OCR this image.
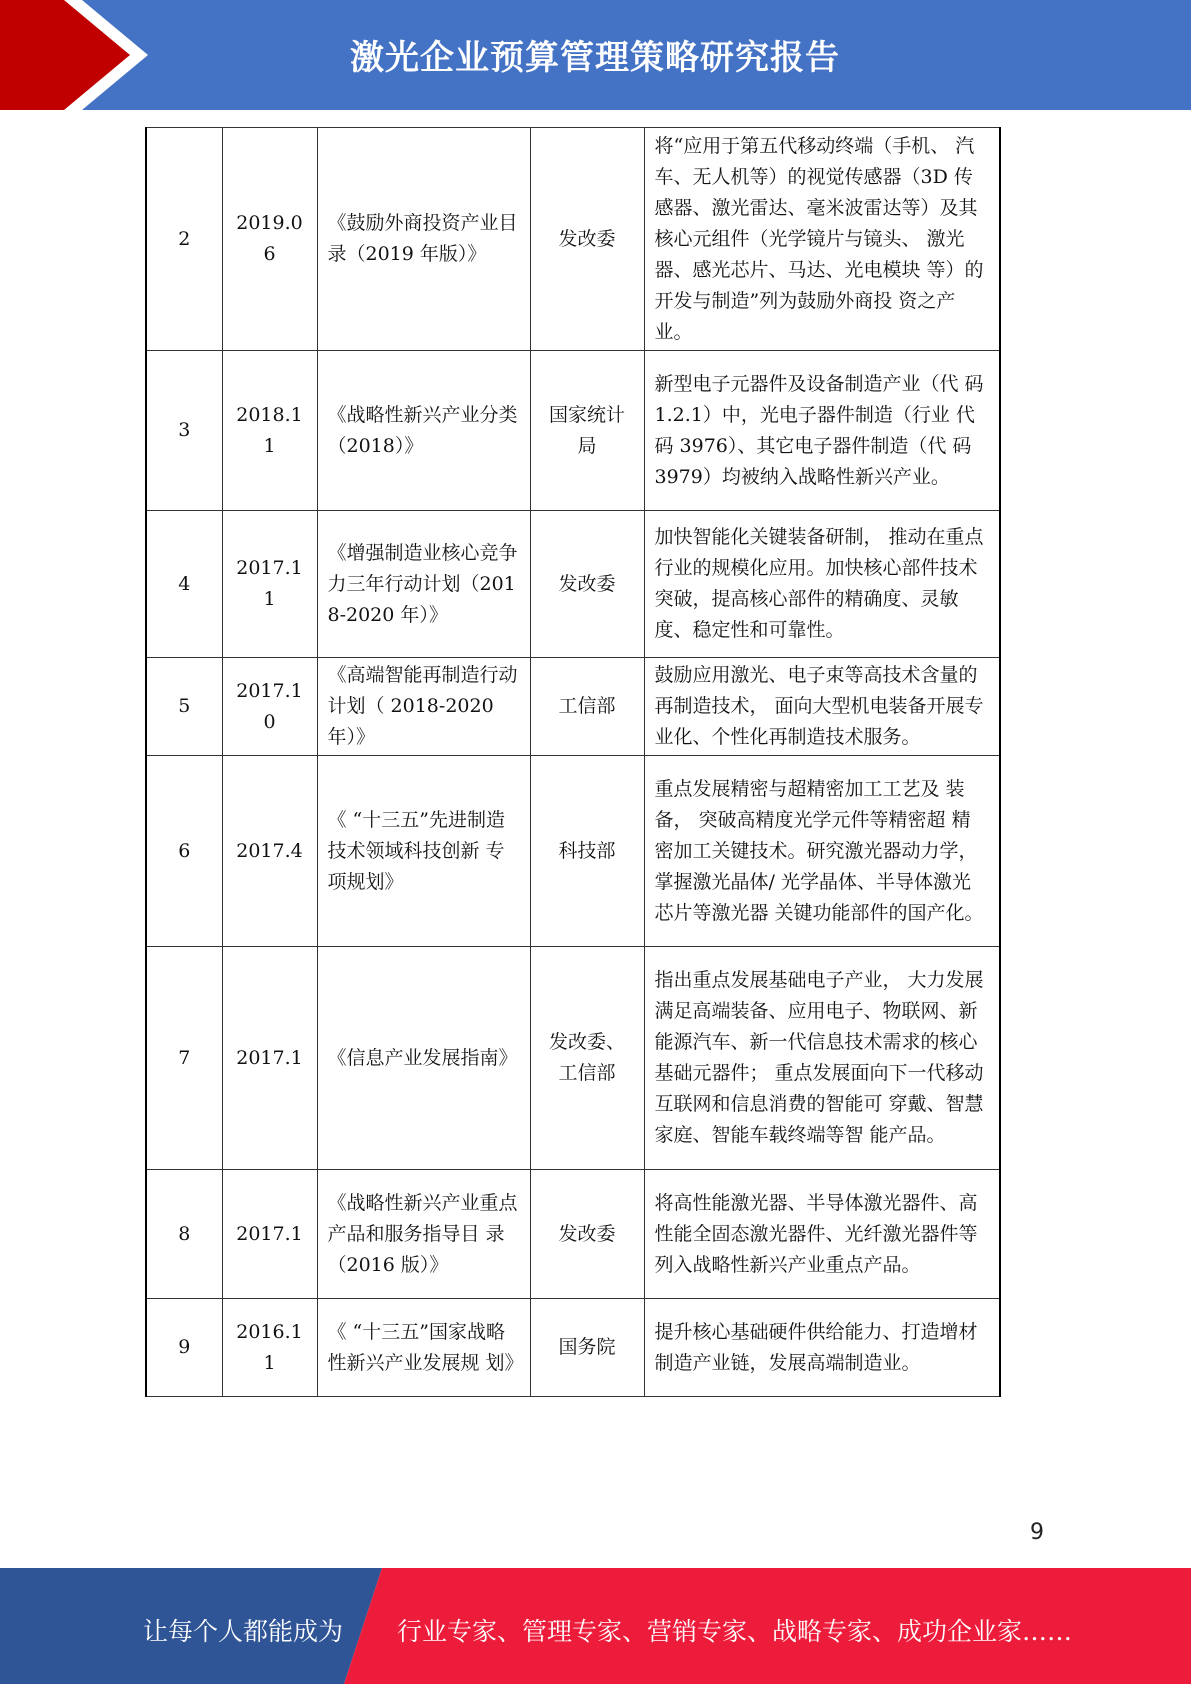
激光企业预算管理策略研究报告
2	2019.06	《鼓励外商投资产业目录（2019 年版）》	发改委	将“应用于第五代移动终端（手机、 汽车、无人机等）的视觉传感器（3D 传感器、激光雷达、毫米波雷达等）及其核心元组件（光学镜片与镜头、 激光器、感光芯片、马达、光电模块 等）的开发与制造”列为鼓励外商投 资之产业。
3	2018.11	《战略性新兴产业分类（2018）》	国家统计局	新型电子元器件及设备制造产业（代 码 1.2.1）中，光电子器件制造（行业 代码 3976）、其它电子器件制造（代 码 3979）均被纳入战略性新兴产业。
4	2017.11	《增强制造业核心竞争力三年行动计划（2018-2020 年）》	发改委	加快智能化关键装备研制， 推动在重点行业的规模化应用。加快核心部件技术突破，提高核心部件的精确度、灵敏度、稳定性和可靠性。
5	2017.10	《高端智能再制造行动 计划（ 2018-2020 年）》	工信部	鼓励应用激光、电子束等高技术含量的再制造技术， 面向大型机电装备开展专业化、个性化再制造技术服务。
6	2017.4	《 “十三五”先进制造技术领域科技创新 专项规划》	科技部	重点发展精密与超精密加工工艺及 装备， 突破高精度光学元件等精密超 精密加工关键技术。研究激光器动力学，掌握激光晶体/ 光学晶体、半导体激光芯片等激光器 关键功能部件的国产化。
7	2017.1	《信息产业发展指南》	发改委、工信部	指出重点发展基础电子产业， 大力发展满足高端装备、应用电子、物联网、新能源汽车、新一代信息技术需求的核心基础元器件； 重点发展面向下一代移动互联网和信息消费的智能可 穿戴、智慧家庭、智能车载终端等智 能产品。
8	2017.1	《战略性新兴产业重点产品和服务指导目 录（2016 版）》	发改委	将高性能激光器、半导体激光器件、高性能全固态激光器件、光纤激光器件等列入战略性新兴产业重点产品。
9	2016.11	《 “十三五”国家战略性新兴产业发展规 划》	国务院	提升核心基础硬件供给能力、打造增材制造产业链，发展高端制造业。
9
让每个人都能成为 行业专家、管理专家、营销专家、战略专家、成功企业家……
